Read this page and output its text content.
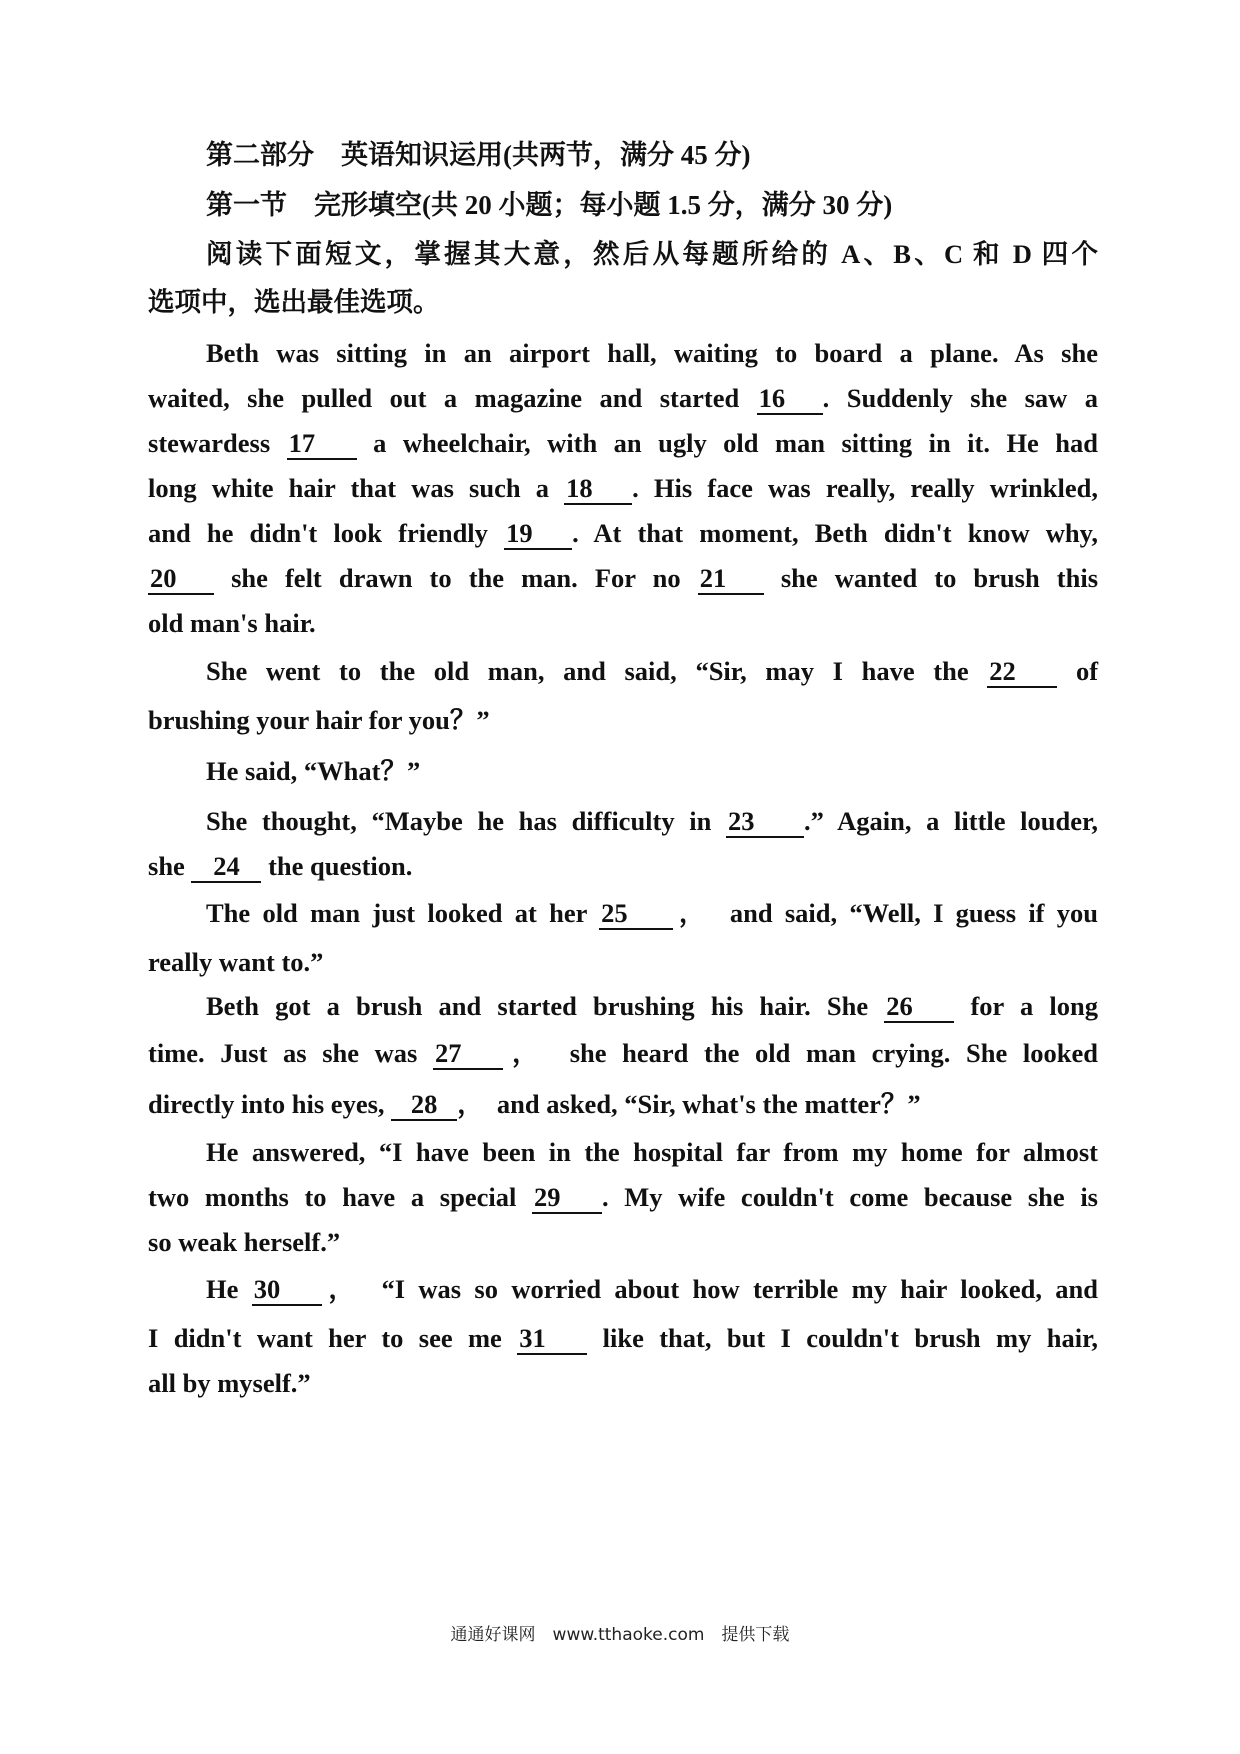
第二部分　英语知识运用(共两节，满分 45 分)
第一节　完形填空(共 20 小题；每小题 1.5 分，满分 30 分)
阅读下面短文，掌握其大意，然后从每题所给的 A、B、C 和 D 四个
选项中，选出最佳选项。
Beth was sitting in an airport hall, waiting to board a plane. As she
waited, she pulled out a magazine and started 16 . Suddenly she saw a
stewardess 17 a wheelchair, with an ugly old man sitting in it. He had
long white hair that was such a 18 . His face was really, really wrinkled,
and he didn't look friendly 19 . At that moment, Beth didn't know why,
20 she felt drawn to the man. For no 21 she wanted to brush this
old man's hair.
She went to the old man, and said, “Sir, may I have the 22 of
brushing your hair for you？”
He said, “What？”
She thought, “Maybe he has difficulty in 23 .” Again, a little louder,
she 24 the question.
The old man just looked at her 25 ，　and said, “Well, I guess if you
really want to.”
Beth got a brush and started brushing his hair. She 26 for a long
time. Just as she was 27 ，　she heard the old man crying. She looked
directly into his eyes, 28 ，　and asked, “Sir, what's the matter？”
He answered, “I have been in the hospital far from my home for almost
two months to have a special 29 . My wife couldn't come because she is
so weak herself.”
He 30 ，　“I was so worried about how terrible my hair looked, and
I didn't want her to see me 31 like that, but I couldn't brush my hair,
all by myself.”
通通好课网　www.tthaoke.com　提供下载
